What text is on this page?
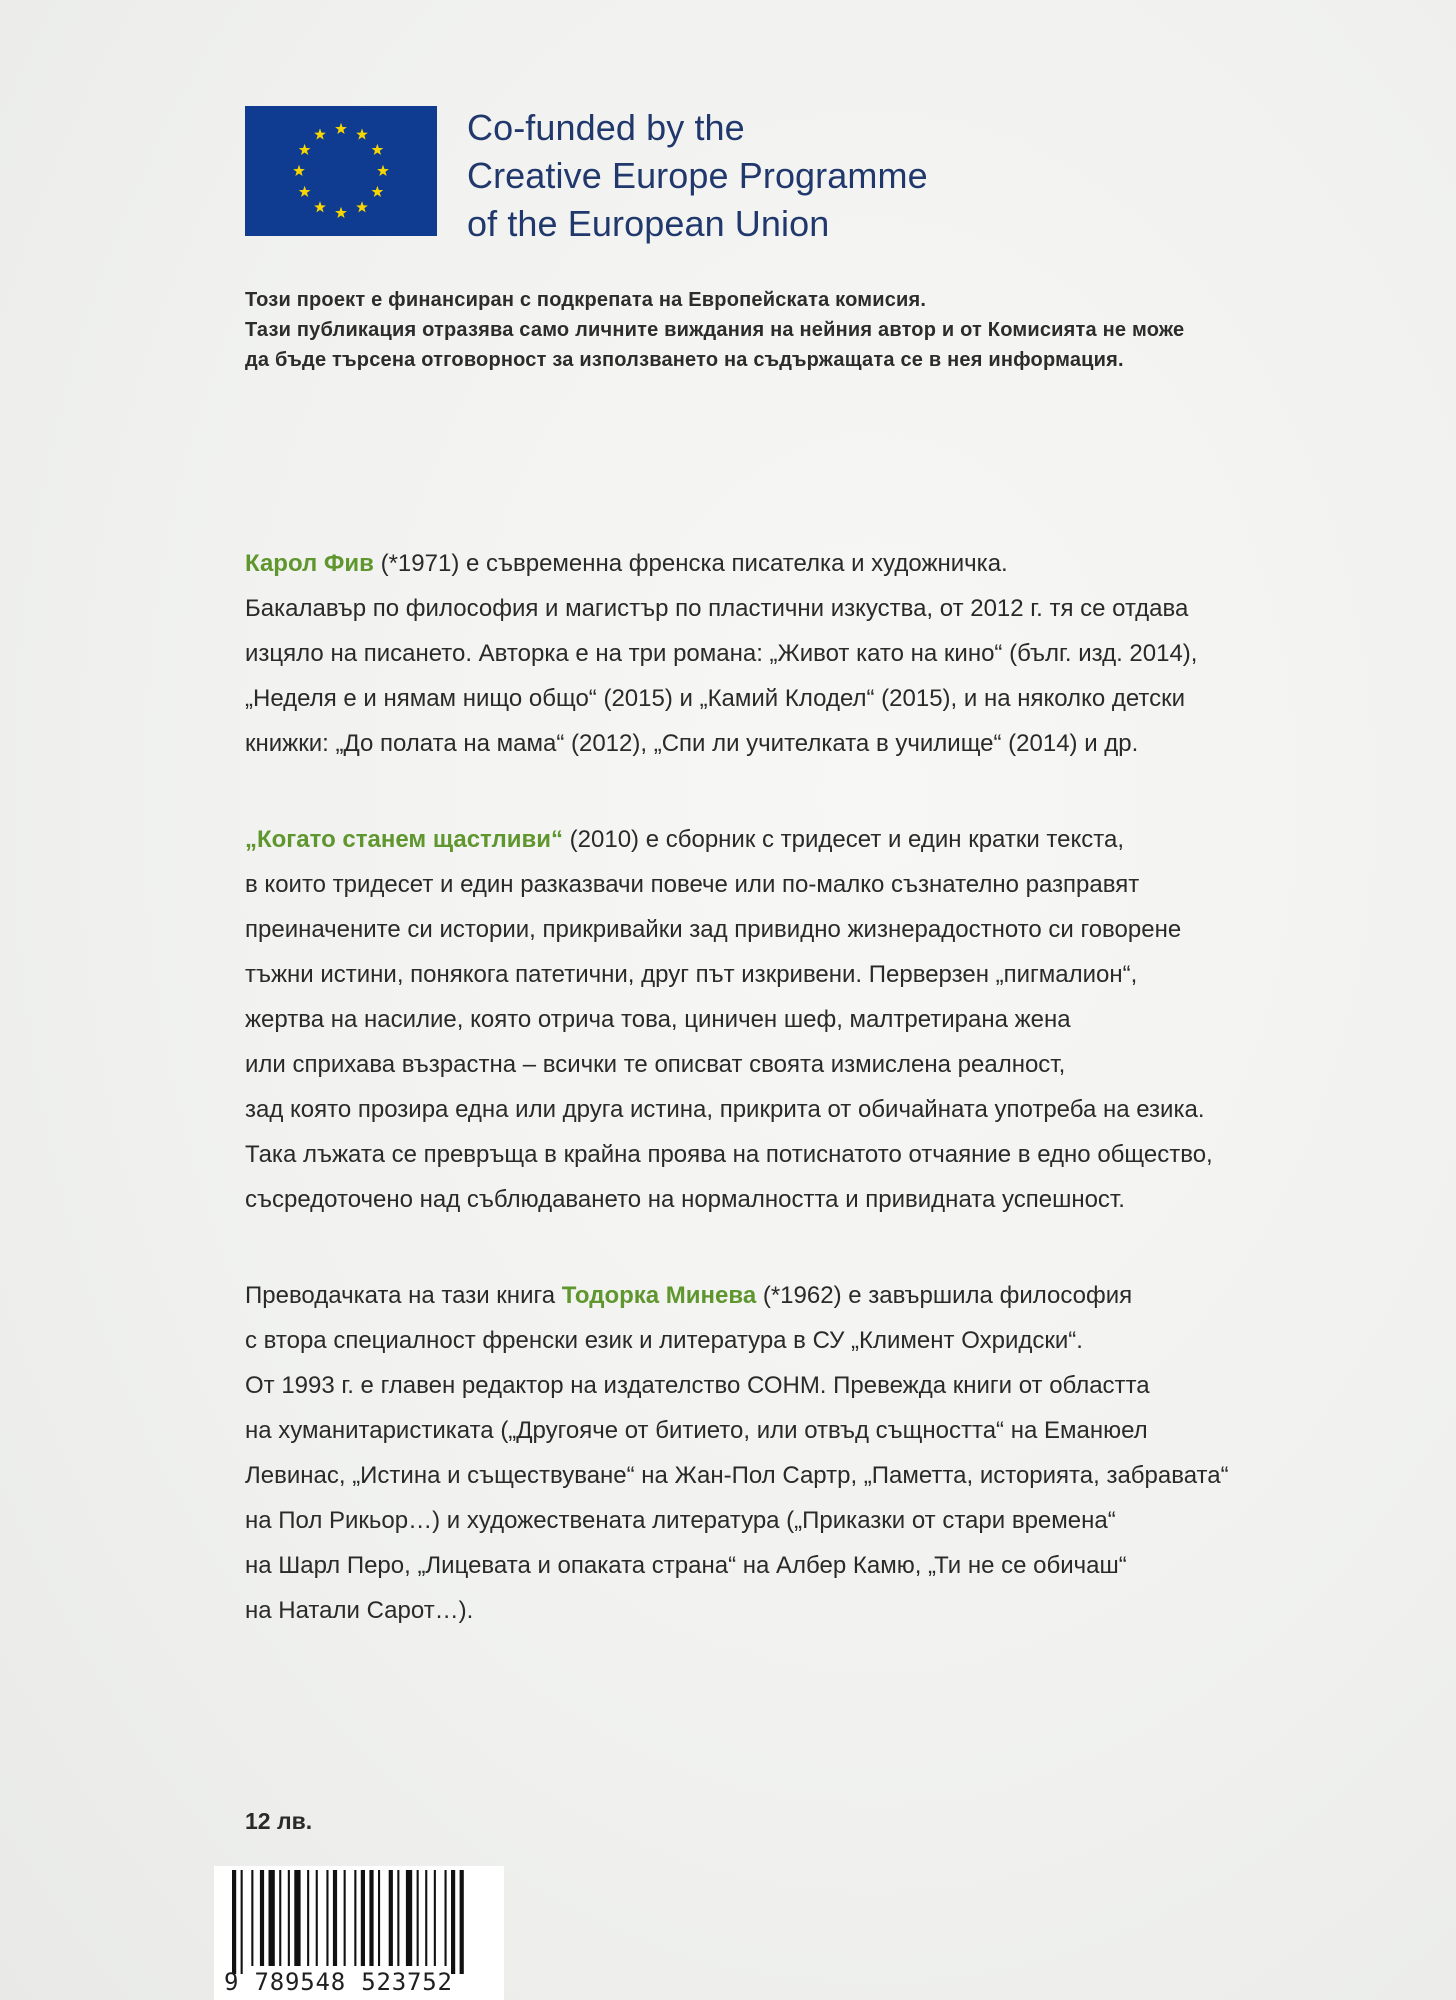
Co-funded by the
Creative Europe Programme
of the European Union
Този проект е финансиран с подкрепата на Европейската комисия.
Тази публикация отразява само личните виждания на нейния автор и от Комисията не може
да бъде търсена отговорност за използването на съдържащата се в нея информация.
Карол Фив (*1971) е съвременна френска писателка и художничка.
Бакалавър по философия и магистър по пластични изкуства, от 2012 г. тя се отдава
изцяло на писането. Авторка е на три романа: „Живот като на кино“ (бълг. изд. 2014),
„Неделя е и нямам нищо общо“ (2015) и „Камий Клодел“ (2015), и на няколко детски
книжки: „До полата на мама“ (2012), „Спи ли учителката в училище“ (2014) и др.
„Когато станем щастливи“ (2010) е сборник с тридесет и един кратки текста,
в които тридесет и един разказвачи повече или по-малко съзнателно разправят
преиначените си истории, прикривайки зад привидно жизнерадостното си говорене
тъжни истини, понякога патетични, друг път изкривени. Перверзен „пигмалион“,
жертва на насилие, която отрича това, циничен шеф, малтретирана жена
или сприхава възрастна – всички те описват своята измислена реалност,
зад която прозира една или друга истина, прикрита от обичайната употреба на езика.
Така лъжата се превръща в крайна проява на потиснатото отчаяние в едно общество,
съсредоточено над съблюдаването на нормалността и привидната успешност.
Преводачката на тази книга Тодорка Минева (*1962) е завършила философия
с втора специалност френски език и литература в СУ „Климент Охридски“.
От 1993 г. е главен редактор на издателство СОНМ. Превежда книги от областта
на хуманитаристиката („Другояче от битието, или отвъд същността“ на Еманюел
Левинас, „Истина и съществуване“ на Жан-Пол Сартр, „Паметта, историята, забравата“
на Пол Рикьор…) и художествената литература („Приказки от стари времена“
на Шарл Перо, „Лицевата и опаката страна“ на Албер Камю, „Ти не се обичаш“
на Натали Сарот…).
12 лв.
9 789548 523752
